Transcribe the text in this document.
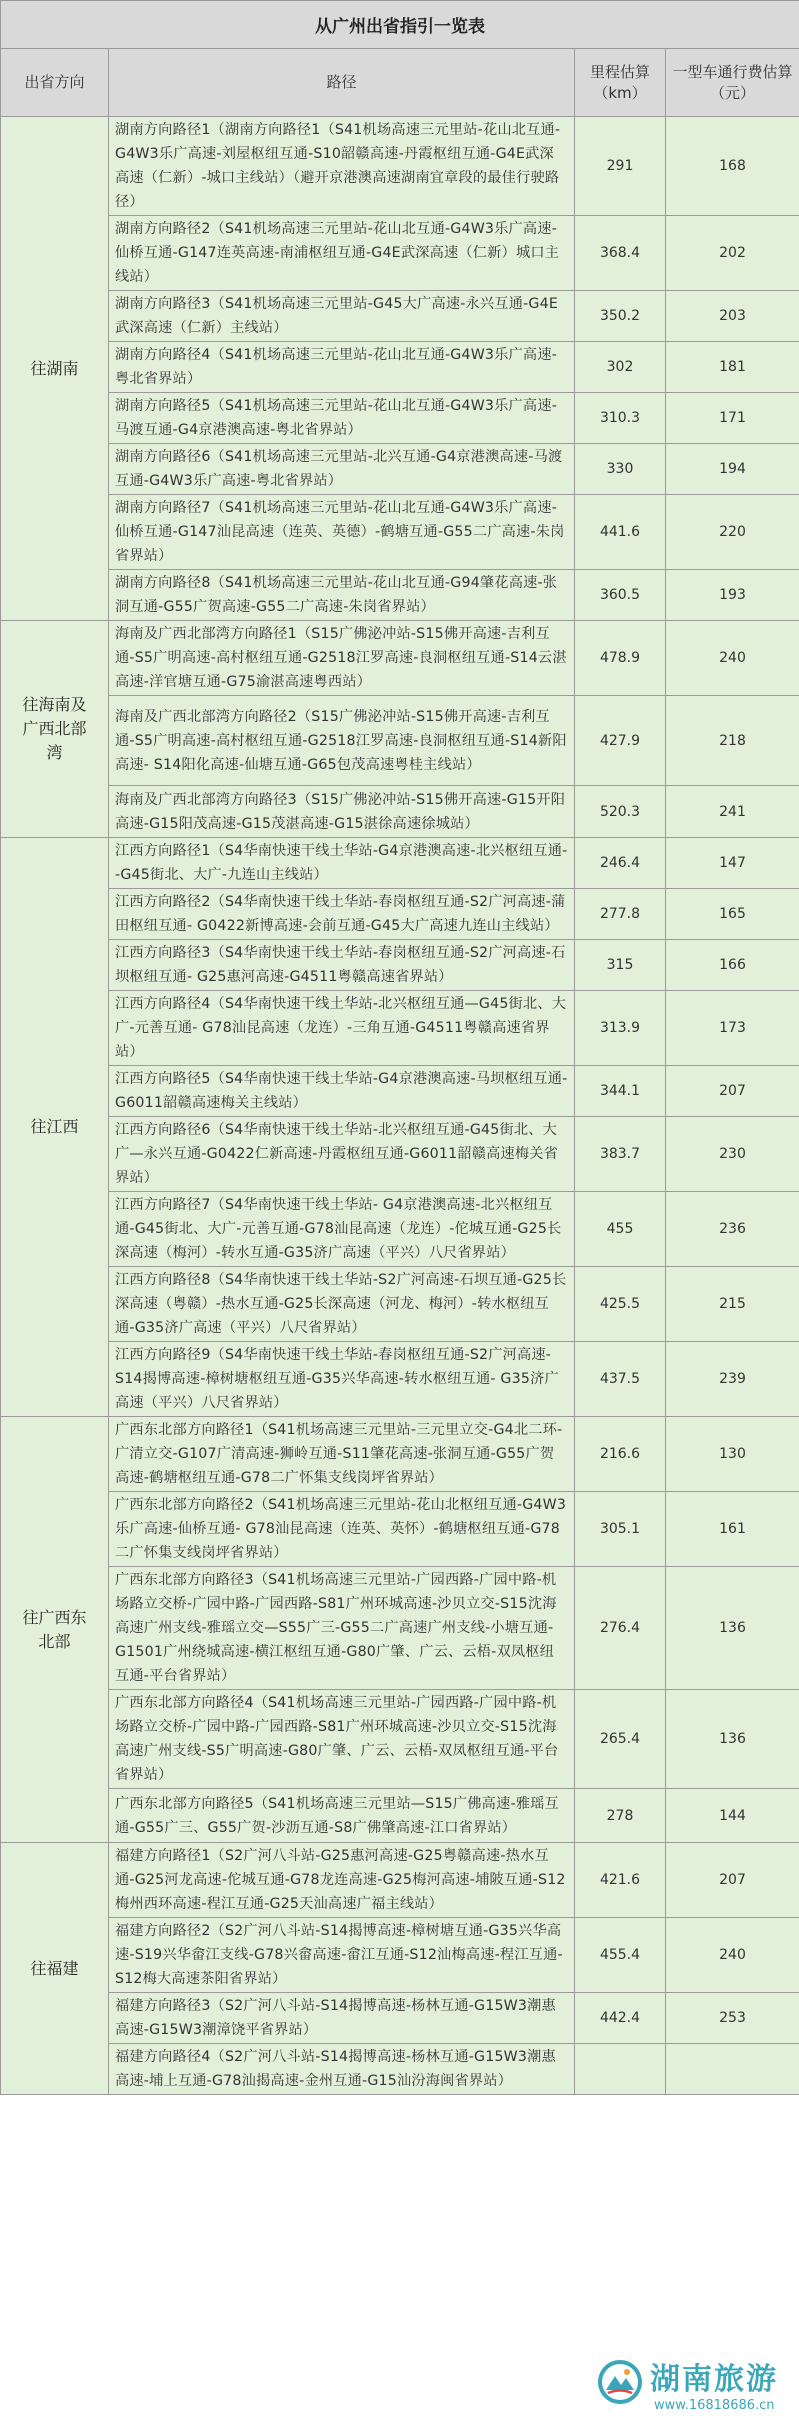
从广州出省指引一览表			
出省方向	路径	里程估算（km）	一型车通行费估算（元）
往湖南	湖南方向路径1（湖南方向路径1（S41机场高速三元里站-花山北互通-G4W3乐广高速-刘屋枢纽互通-S10韶赣高速-丹霞枢纽互通-G4E武深高速（仁新）-城口主线站）（避开京港澳高速湖南宜章段的最佳行驶路径）	291	168
	湖南方向路径2（S41机场高速三元里站-花山北互通-G4W3乐广高速-仙桥互通-G147连英高速-南浦枢纽互通-G4E武深高速（仁新）城口主线站）	368.4	202
	湖南方向路径3（S41机场高速三元里站-G45大广高速-永兴互通-G4E武深高速（仁新）主线站）	350.2	203
	湖南方向路径4（S41机场高速三元里站-花山北互通-G4W3乐广高速-粤北省界站）	302	181
	湖南方向路径5（S41机场高速三元里站-花山北互通-G4W3乐广高速-马渡互通-G4京港澳高速-粤北省界站）	310.3	171
	湖南方向路径6（S41机场高速三元里站-北兴互通-G4京港澳高速-马渡互通-G4W3乐广高速-粤北省界站）	330	194
	湖南方向路径7（S41机场高速三元里站-花山北互通-G4W3乐广高速-仙桥互通-G147汕昆高速（连英、英德）-鹤塘互通-G55二广高速-朱岗省界站）	441.6	220
	湖南方向路径8（S41机场高速三元里站-花山北互通-G94肇花高速-张洞互通-G55广贺高速-G55二广高速-朱岗省界站）	360.5	193
往海南及广西北部湾	海南及广西北部湾方向路径1（S15广佛泌冲站-S15佛开高速-吉利互通-S5广明高速-高村枢纽互通-G2518江罗高速-良洞枢纽互通-S14云湛高速-洋官塘互通-G75渝湛高速粤西站）	478.9	240
	海南及广西北部湾方向路径2（S15广佛泌冲站-S15佛开高速-吉利互通-S5广明高速-高村枢纽互通-G2518江罗高速-良洞枢纽互通-S14新阳高速- S14阳化高速-仙塘互通-G65包茂高速粤桂主线站）	427.9	218
	海南及广西北部湾方向路径3（S15广佛泌冲站-S15佛开高速-G15开阳高速-G15阳茂高速-G15茂湛高速-G15湛徐高速徐城站）	520.3	241
往江西	江西方向路径1（S4华南快速干线土华站-G4京港澳高速-北兴枢纽互通--G45街北、大广-九连山主线站）	246.4	147
	江西方向路径2（S4华南快速干线土华站-春岗枢纽互通-S2广河高速-蒲田枢纽互通- G0422新博高速-会前互通-G45大广高速九连山主线站）	277.8	165
	江西方向路径3（S4华南快速干线土华站-春岗枢纽互通-S2广河高速-石坝枢纽互通- G25惠河高速-G4511粤赣高速省界站）	315	166
	江西方向路径4（S4华南快速干线土华站-北兴枢纽互通—G45街北、大广-元善互通- G78汕昆高速（龙连）-三角互通-G4511粤赣高速省界站）	313.9	173
	江西方向路径5（S4华南快速干线土华站-G4京港澳高速-马坝枢纽互通- G6011韶赣高速梅关主线站）	344.1	207
	江西方向路径6（S4华南快速干线土华站-北兴枢纽互通-G45街北、大广—永兴互通-G0422仁新高速-丹霞枢纽互通-G6011韶赣高速梅关省界站）	383.7	230
	江西方向路径7（S4华南快速干线土华站- G4京港澳高速-北兴枢纽互通-G45街北、大广-元善互通-G78汕昆高速（龙连）-佗城互通-G25长深高速（梅河）-转水互通-G35济广高速（平兴）八尺省界站）	455	236
	江西方向路径8（S4华南快速干线土华站-S2广河高速-石坝互通-G25长深高速（粤赣）-热水互通-G25长深高速（河龙、梅河）-转水枢纽互通-G35济广高速（平兴）八尺省界站）	425.5	215
	江西方向路径9（S4华南快速干线土华站-春岗枢纽互通-S2广河高速-S14揭博高速-樟树塘枢纽互通-G35兴华高速-转水枢纽互通- G35济广高速（平兴）八尺省界站）	437.5	239
往广西东北部	广西东北部方向路径1（S41机场高速三元里站-三元里立交-G4北二环-广清立交-G107广清高速-狮岭互通-S11肇花高速-张洞互通-G55广贺高速-鹤塘枢纽互通-G78二广怀集支线岗坪省界站）	216.6	130
	广西东北部方向路径2（S41机场高速三元里站-花山北枢纽互通-G4W3乐广高速-仙桥互通- G78汕昆高速（连英、英怀）-鹤塘枢纽互通-G78二广怀集支线岗坪省界站）	305.1	161
	广西东北部方向路径3（S41机场高速三元里站-广园西路-广园中路-机场路立交桥-广园中路-广园西路-S81广州环城高速-沙贝立交-S15沈海高速广州支线-雅瑶立交—S55广三-G55二广高速广州支线-小塘互通-G1501广州绕城高速-横江枢纽互通-G80广肇、广云、云梧-双凤枢纽互通-平台省界站）	276.4	136
	广西东北部方向路径4（S41机场高速三元里站-广园西路-广园中路-机场路立交桥-广园中路-广园西路-S81广州环城高速-沙贝立交-S15沈海高速广州支线-S5广明高速-G80广肇、广云、云梧-双凤枢纽互通-平台省界站）	265.4	136
	广西东北部方向路径5（S41机场高速三元里站—S15广佛高速-雅瑶互通-G55广三、G55广贺-沙沥互通-S8广佛肇高速-江口省界站）	278	144
往福建	福建方向路径1（S2广河八斗站-G25惠河高速-G25粤赣高速-热水互通-G25河龙高速-佗城互通-G78龙连高速-G25梅河高速-埔陂互通-S12梅州西环高速-程江互通-G25天汕高速广福主线站）	421.6	207
	福建方向路径2（S2广河八斗站-S14揭博高速-樟树塘互通-G35兴华高速-S19兴华畲江支线-G78兴畲高速-畲江互通-S12汕梅高速-程江互通-S12梅大高速茶阳省界站）	455.4	240
	福建方向路径3（S2广河八斗站-S14揭博高速-杨林互通-G15W3潮惠高速-G15W3潮漳饶平省界站）	442.4	253
	福建方向路径4（S2广河八斗站-S14揭博高速-杨林互通-G15W3潮惠高速-埔上互通-G78汕揭高速-金州互通-G15汕汾海闽省界站）		
湖南旅游
www.16818686.cn
